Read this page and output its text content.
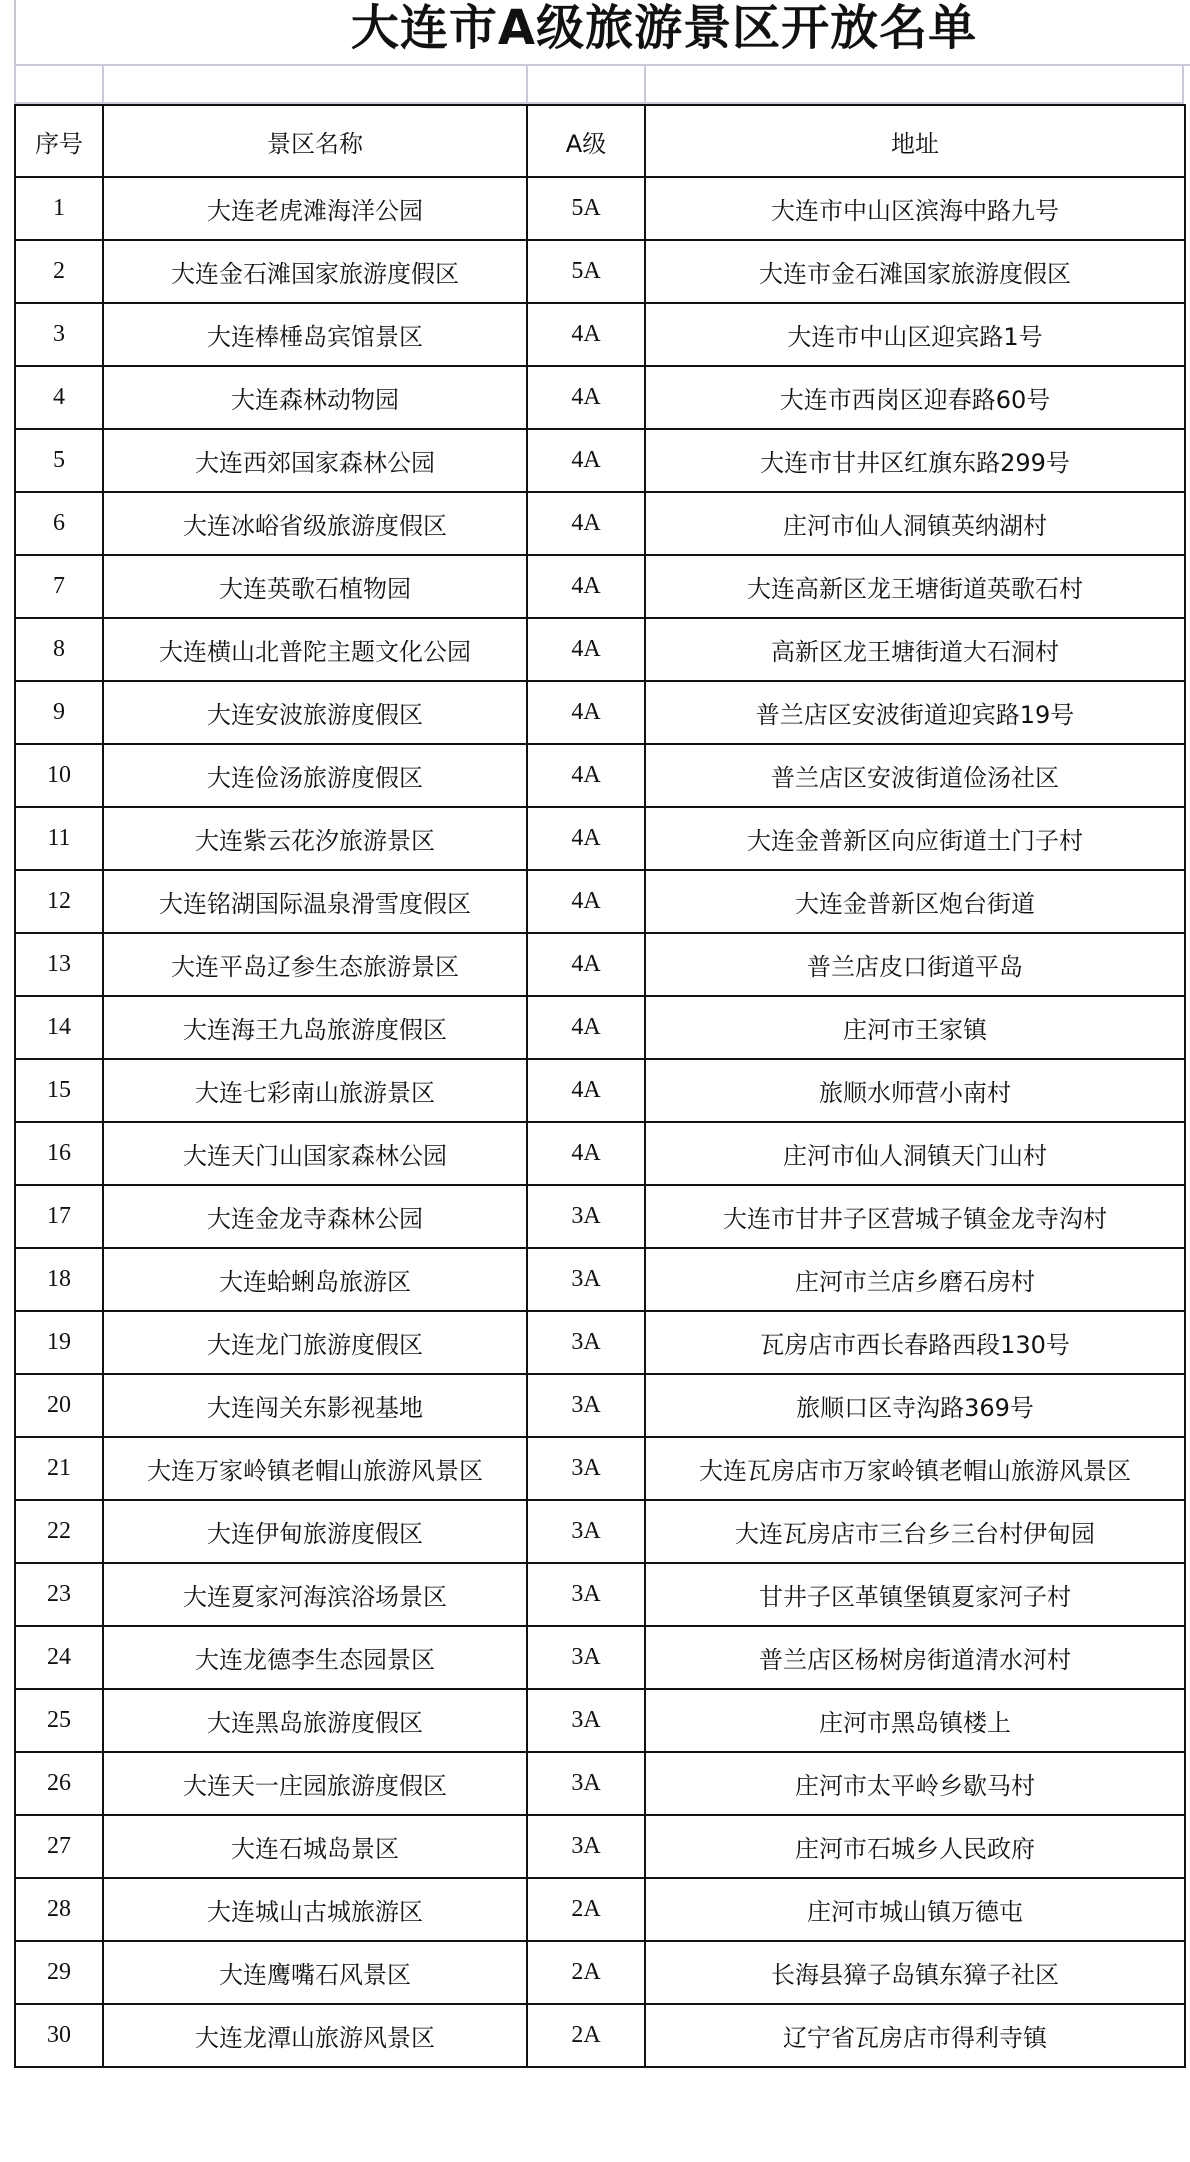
大连市A级旅游景区开放名单
序号	景区名称	A级	地址
1	大连老虎滩海洋公园	5A	大连市中山区滨海中路九号
2	大连金石滩国家旅游度假区	5A	大连市金石滩国家旅游度假区
3	大连棒棰岛宾馆景区	4A	大连市中山区迎宾路1号
4	大连森林动物园	4A	大连市西岗区迎春路60号
5	大连西郊国家森林公园	4A	大连市甘井区红旗东路299号
6	大连冰峪省级旅游度假区	4A	庄河市仙人洞镇英纳湖村
7	大连英歌石植物园	4A	大连高新区龙王塘街道英歌石村
8	大连横山北普陀主题文化公园	4A	高新区龙王塘街道大石洞村
9	大连安波旅游度假区	4A	普兰店区安波街道迎宾路19号
10	大连俭汤旅游度假区	4A	普兰店区安波街道俭汤社区
11	大连紫云花汐旅游景区	4A	大连金普新区向应街道土门子村
12	大连铭湖国际温泉滑雪度假区	4A	大连金普新区炮台街道
13	大连平岛辽参生态旅游景区	4A	普兰店皮口街道平岛
14	大连海王九岛旅游度假区	4A	庄河市王家镇
15	大连七彩南山旅游景区	4A	旅顺水师营小南村
16	大连天门山国家森林公园	4A	庄河市仙人洞镇天门山村
17	大连金龙寺森林公园	3A	大连市甘井子区营城子镇金龙寺沟村
18	大连蛤蜊岛旅游区	3A	庄河市兰店乡磨石房村
19	大连龙门旅游度假区	3A	瓦房店市西长春路西段130号
20	大连闯关东影视基地	3A	旅顺口区寺沟路369号
21	大连万家岭镇老帽山旅游风景区	3A	大连瓦房店市万家岭镇老帽山旅游风景区
22	大连伊甸旅游度假区	3A	大连瓦房店市三台乡三台村伊甸园
23	大连夏家河海滨浴场景区	3A	甘井子区革镇堡镇夏家河子村
24	大连龙德李生态园景区	3A	普兰店区杨树房街道清水河村
25	大连黑岛旅游度假区	3A	庄河市黑岛镇楼上
26	大连天一庄园旅游度假区	3A	庄河市太平岭乡歇马村
27	大连石城岛景区	3A	庄河市石城乡人民政府
28	大连城山古城旅游区	2A	庄河市城山镇万德屯
29	大连鹰嘴石风景区	2A	长海县獐子岛镇东獐子社区
30	大连龙潭山旅游风景区	2A	辽宁省瓦房店市得利寺镇
